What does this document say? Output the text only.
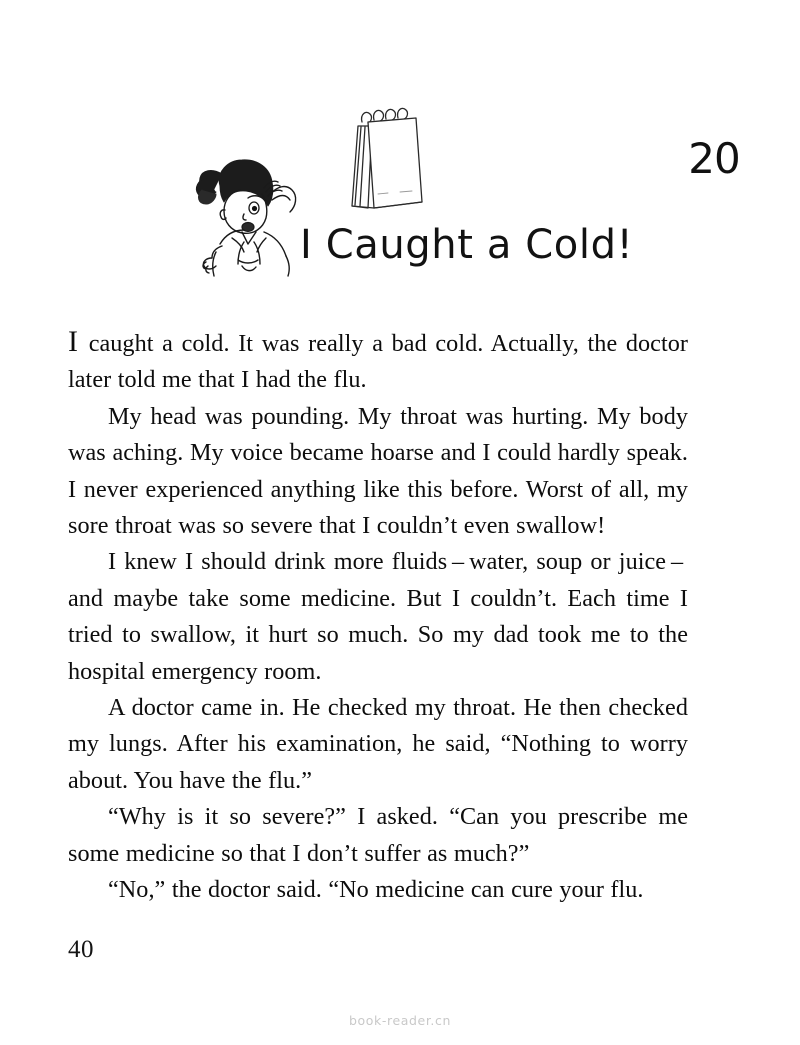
20
I Caught a Cold!

I caught a cold. It was really a bad cold. Actually, the doctor later told me that I had the flu.

My head was pounding. My throat was hurting. My body was aching. My voice became hoarse and I could hardly speak. I never experienced anything like this before. Worst of all, my sore throat was so severe that I couldn’t even swallow!

I knew I should drink more fluids – water, soup or juice – and maybe take some medicine. But I couldn’t. Each time I tried to swallow, it hurt so much. So my dad took me to the hospital emergency room.

A doctor came in. He checked my throat. He then checked my lungs. After his examination, he said, “Nothing to worry about. You have the flu.”

“Why is it so severe?” I asked. “Can you prescribe me some medicine so that I don’t suffer as much?”

“No,” the doctor said. “No medicine can cure your flu.

40
book-reader.cn
